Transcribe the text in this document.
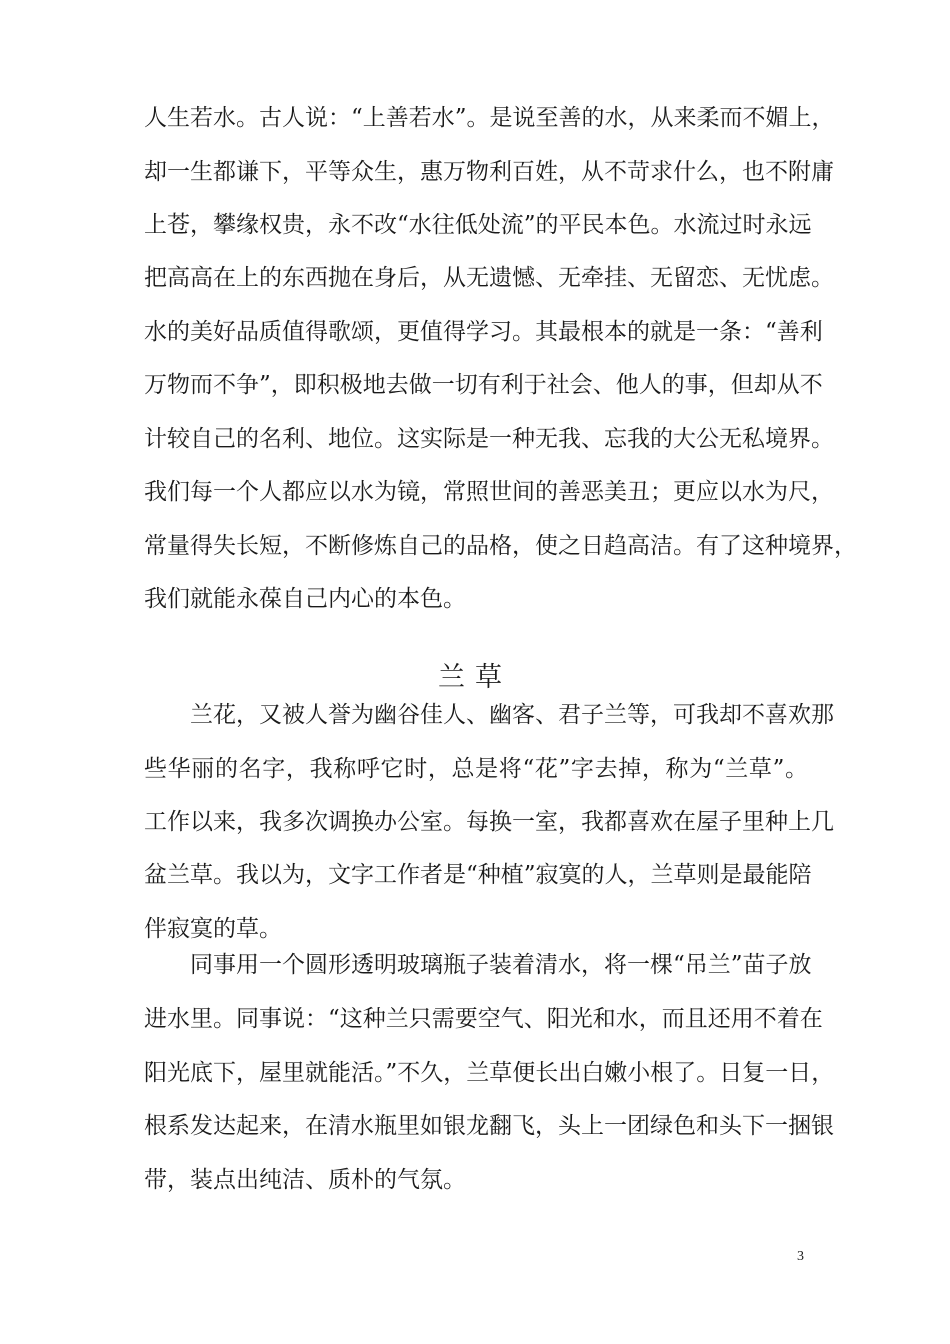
人生若水。古人说：“上善若水”。是说至善的水，从来柔而不媚上，
却一生都谦下，平等众生，惠万物利百姓，从不苛求什么，也不附庸
上苍，攀缘权贵，永不改“水往低处流”的平民本色。水流过时永远
把高高在上的东西抛在身后，从无遗憾、无牵挂、无留恋、无忧虑。
水的美好品质值得歌颂，更值得学习。其最根本的就是一条：“善利
万物而不争”，即积极地去做一切有利于社会、他人的事，但却从不
计较自己的名利、地位。这实际是一种无我、忘我的大公无私境界。
我们每一个人都应以水为镜，常照世间的善恶美丑；更应以水为尺，
常量得失长短，不断修炼自己的品格，使之日趋高洁。有了这种境界，
我们就能永葆自己内心的本色。
兰草
兰花，又被人誉为幽谷佳人、幽客、君子兰等，可我却不喜欢那
些华丽的名字，我称呼它时，总是将“花”字去掉，称为“兰草”。
工作以来，我多次调换办公室。每换一室，我都喜欢在屋子里种上几
盆兰草。我以为，文字工作者是“种植”寂寞的人，兰草则是最能陪
伴寂寞的草。
同事用一个圆形透明玻璃瓶子装着清水，将一棵“吊兰”苗子放
进水里。同事说：“这种兰只需要空气、阳光和水，而且还用不着在
阳光底下，屋里就能活。”不久，兰草便长出白嫩小根了。日复一日，
根系发达起来，在清水瓶里如银龙翻飞，头上一团绿色和头下一捆银
带，装点出纯洁、质朴的气氛。
3
